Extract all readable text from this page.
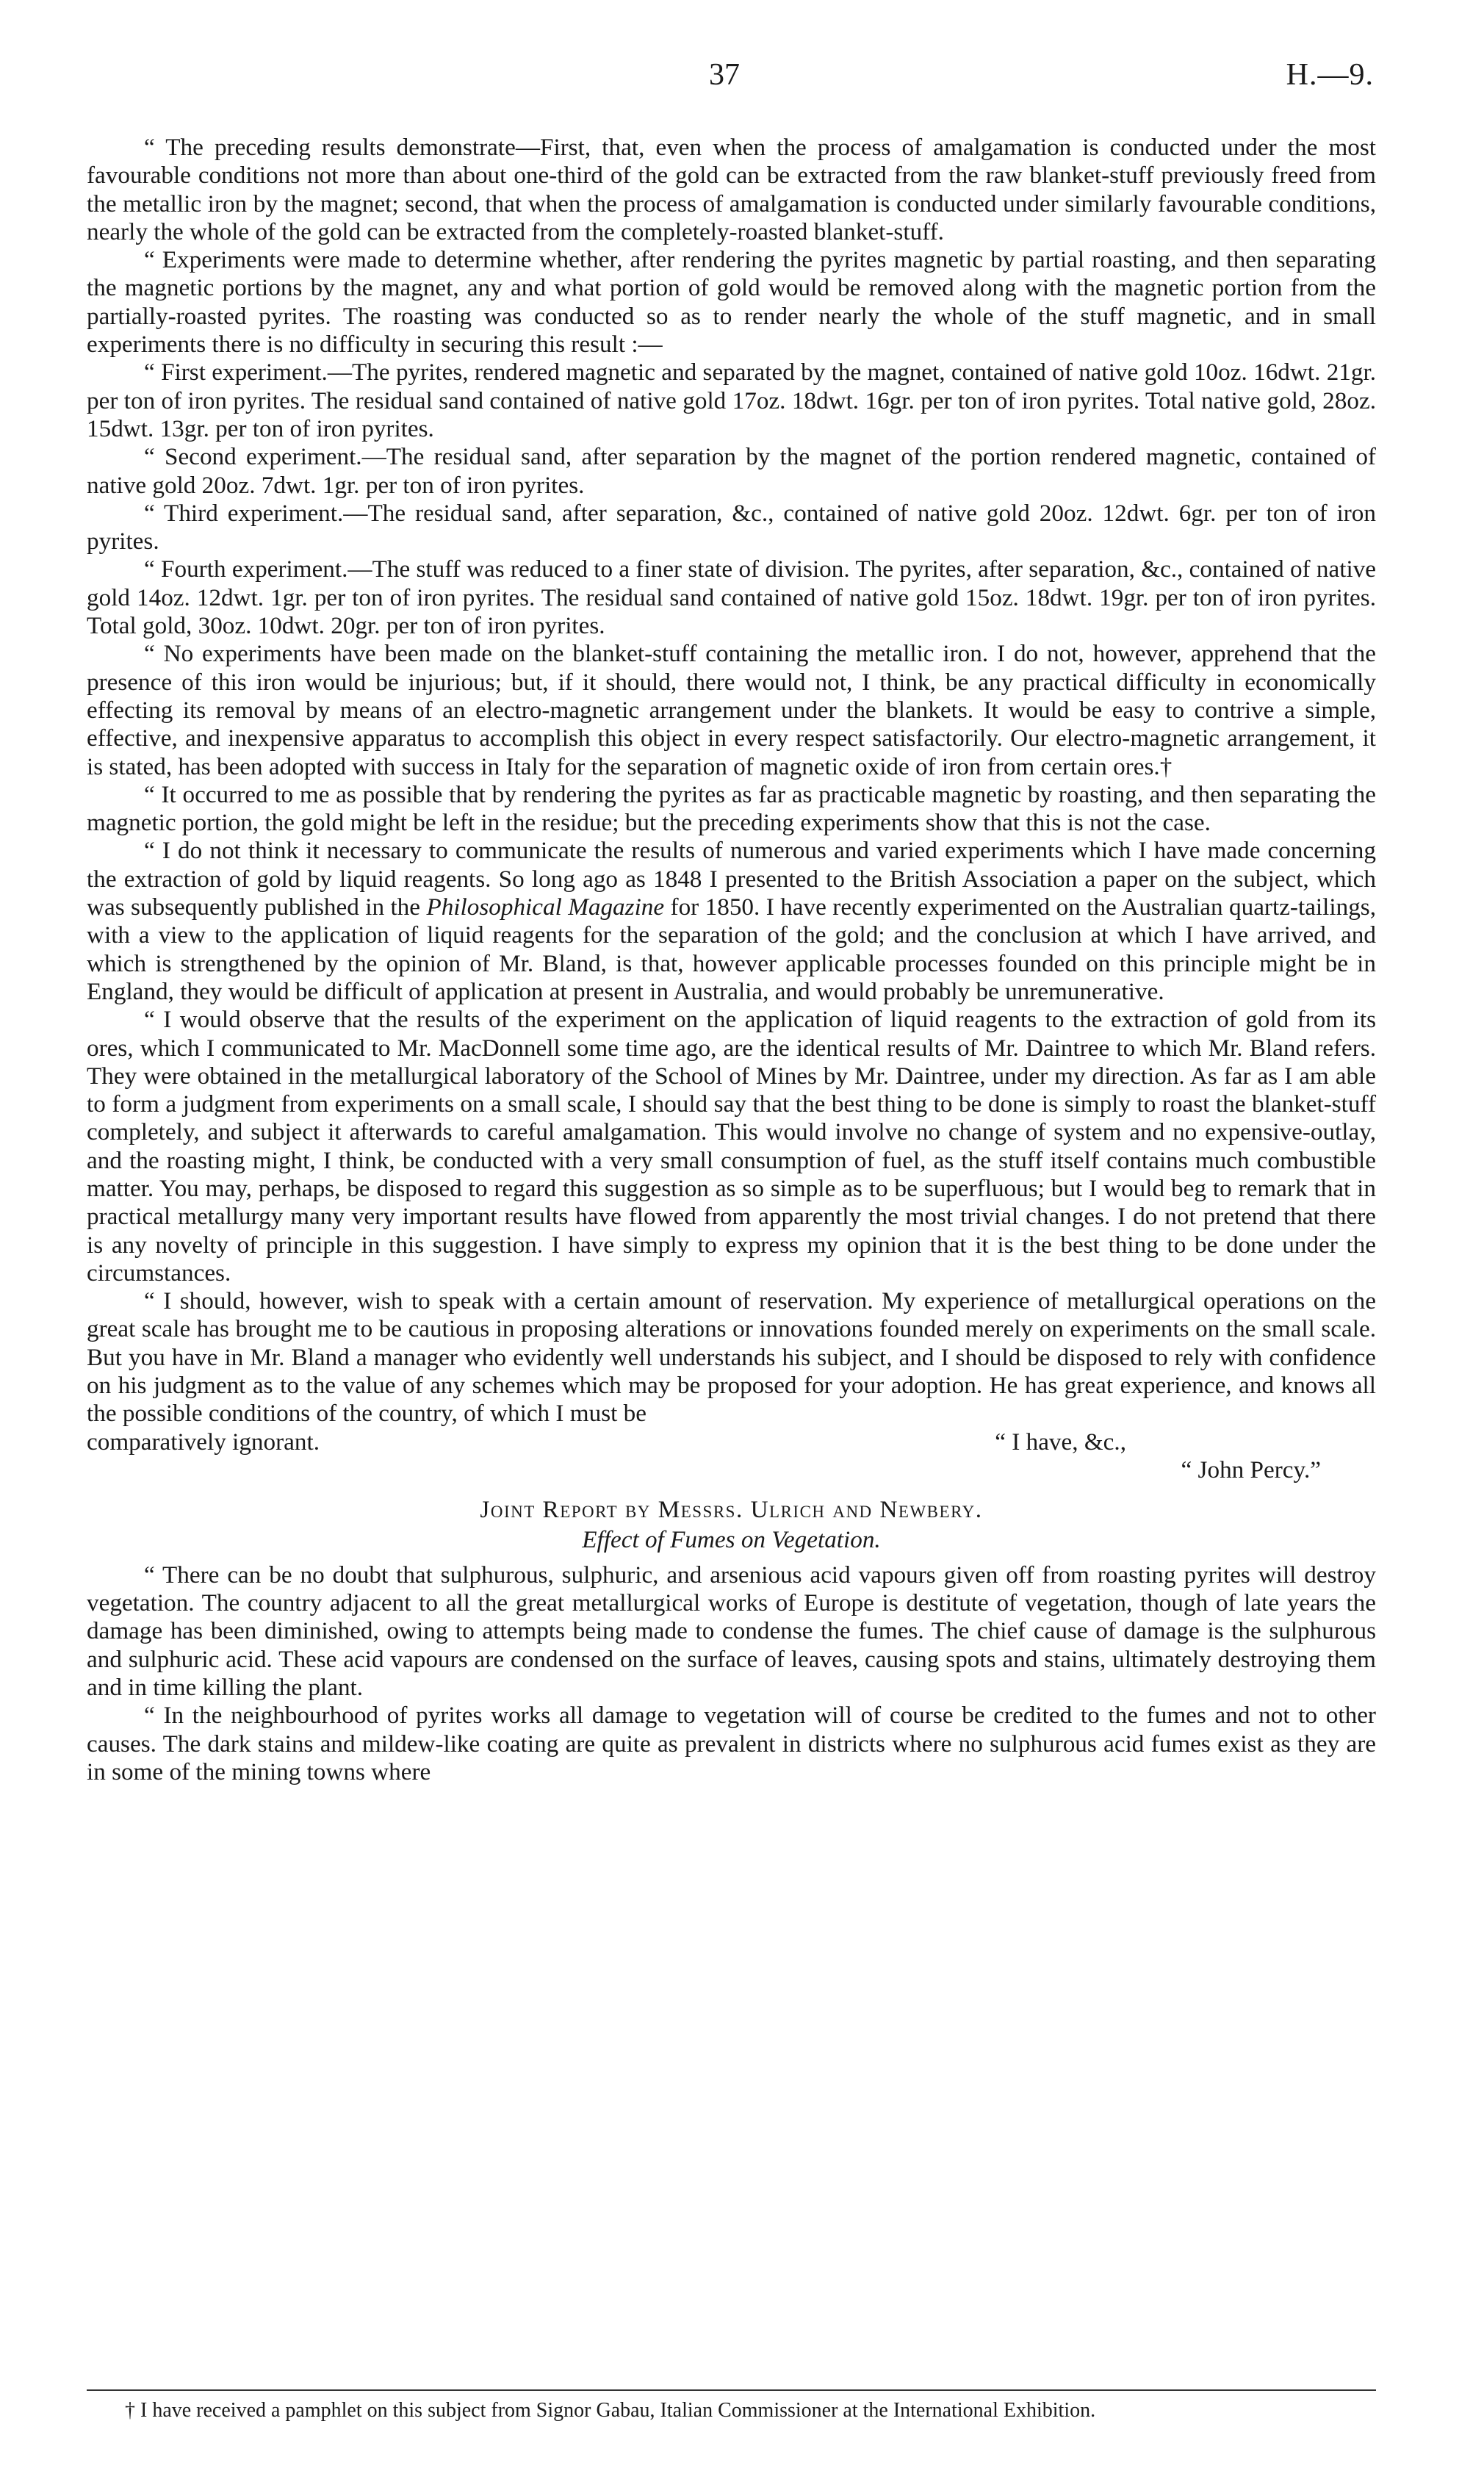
37	H.—9.

“ The preceding results demonstrate—First, that, even when the process of amalgamation is conducted under the most favourable conditions not more than about one-third of the gold can be extracted from the raw blanket-stuff previously freed from the metallic iron by the magnet; second, that when the process of amalgamation is conducted under similarly favourable conditions, nearly the whole of the gold can be extracted from the completely-roasted blanket-stuff.

“ Experiments were made to determine whether, after rendering the pyrites magnetic by partial roasting, and then separating the magnetic portions by the magnet, any and what portion of gold would be removed along with the magnetic portion from the partially-roasted pyrites. The roasting was conducted so as to render nearly the whole of the stuff magnetic, and in small experiments there is no difficulty in securing this result :—

“ First experiment.—The pyrites, rendered magnetic and separated by the magnet, contained of native gold 10oz. 16dwt. 21gr. per ton of iron pyrites. The residual sand contained of native gold 17oz. 18dwt. 16gr. per ton of iron pyrites. Total native gold, 28oz. 15dwt. 13gr. per ton of iron pyrites.

“ Second experiment.—The residual sand, after separation by the magnet of the portion rendered magnetic, contained of native gold 20oz. 7dwt. 1gr. per ton of iron pyrites.

“ Third experiment.—The residual sand, after separation, &c., contained of native gold 20oz. 12dwt. 6gr. per ton of iron pyrites.

“ Fourth experiment.—The stuff was reduced to a finer state of division. The pyrites, after separation, &c., contained of native gold 14oz. 12dwt. 1gr. per ton of iron pyrites. The residual sand contained of native gold 15oz. 18dwt. 19gr. per ton of iron pyrites. Total gold, 30oz. 10dwt. 20gr. per ton of iron pyrites.

“ No experiments have been made on the blanket-stuff containing the metallic iron. I do not, however, apprehend that the presence of this iron would be injurious; but, if it should, there would not, I think, be any practical difficulty in economically effecting its removal by means of an electro-magnetic arrangement under the blankets. It would be easy to contrive a simple, effective, and inexpensive apparatus to accomplish this object in every respect satisfactorily. Our electro-magnetic arrangement, it is stated, has been adopted with success in Italy for the separation of magnetic oxide of iron from certain ores.†

“ It occurred to me as possible that by rendering the pyrites as far as practicable magnetic by roasting, and then separating the magnetic portion, the gold might be left in the residue; but the preceding experiments show that this is not the case.

“ I do not think it necessary to communicate the results of numerous and varied experiments which I have made concerning the extraction of gold by liquid reagents. So long ago as 1848 I presented to the British Association a paper on the subject, which was subsequently published in the Philosophical Magazine for 1850. I have recently experimented on the Australian quartz-tailings, with a view to the application of liquid reagents for the separation of the gold; and the conclusion at which I have arrived, and which is strengthened by the opinion of Mr. Bland, is that, however applicable processes founded on this principle might be in England, they would be difficult of application at present in Australia, and would probably be unremunerative.

“ I would observe that the results of the experiment on the application of liquid reagents to the extraction of gold from its ores, which I communicated to Mr. MacDonnell some time ago, are the identical results of Mr. Daintree to which Mr. Bland refers. They were obtained in the metallurgical laboratory of the School of Mines by Mr. Daintree, under my direction. As far as I am able to form a judgment from experiments on a small scale, I should say that the best thing to be done is simply to roast the blanket-stuff completely, and subject it afterwards to careful amalgamation. This would involve no change of system and no expensive-outlay, and the roasting might, I think, be conducted with a very small consumption of fuel, as the stuff itself contains much combustible matter. You may, perhaps, be disposed to regard this suggestion as so simple as to be superfluous; but I would beg to remark that in practical metallurgy many very important results have flowed from apparently the most trivial changes. I do not pretend that there is any novelty of principle in this suggestion. I have simply to express my opinion that it is the best thing to be done under the circumstances.

“ I should, however, wish to speak with a certain amount of reservation. My experience of metallurgical operations on the great scale has brought me to be cautious in proposing alterations or innovations founded merely on experiments on the small scale. But you have in Mr. Bland a manager who evidently well understands his subject, and I should be disposed to rely with confidence on his judgment as to the value of any schemes which may be proposed for your adoption. He has great experience, and knows all the possible conditions of the country, of which I must be

comparatively ignorant.	“ I have, &c.,
“ John Percy.”
Joint Report by Messrs. Ulrich and Newbery.
Effect of Fumes on Vegetation.

“ There can be no doubt that sulphurous, sulphuric, and arsenious acid vapours given off from roasting pyrites will destroy vegetation. The country adjacent to all the great metallurgical works of Europe is destitute of vegetation, though of late years the damage has been diminished, owing to attempts being made to condense the fumes. The chief cause of damage is the sulphurous and sulphuric acid. These acid vapours are condensed on the surface of leaves, causing spots and stains, ultimately destroying them and in time killing the plant.

“ In the neighbourhood of pyrites works all damage to vegetation will of course be credited to the fumes and not to other causes. The dark stains and mildew-like coating are quite as prevalent in districts where no sulphurous acid fumes exist as they are in some of the mining towns where

† I have received a pamphlet on this subject from Signor Gabau, Italian Commissioner at the International Exhibition.
